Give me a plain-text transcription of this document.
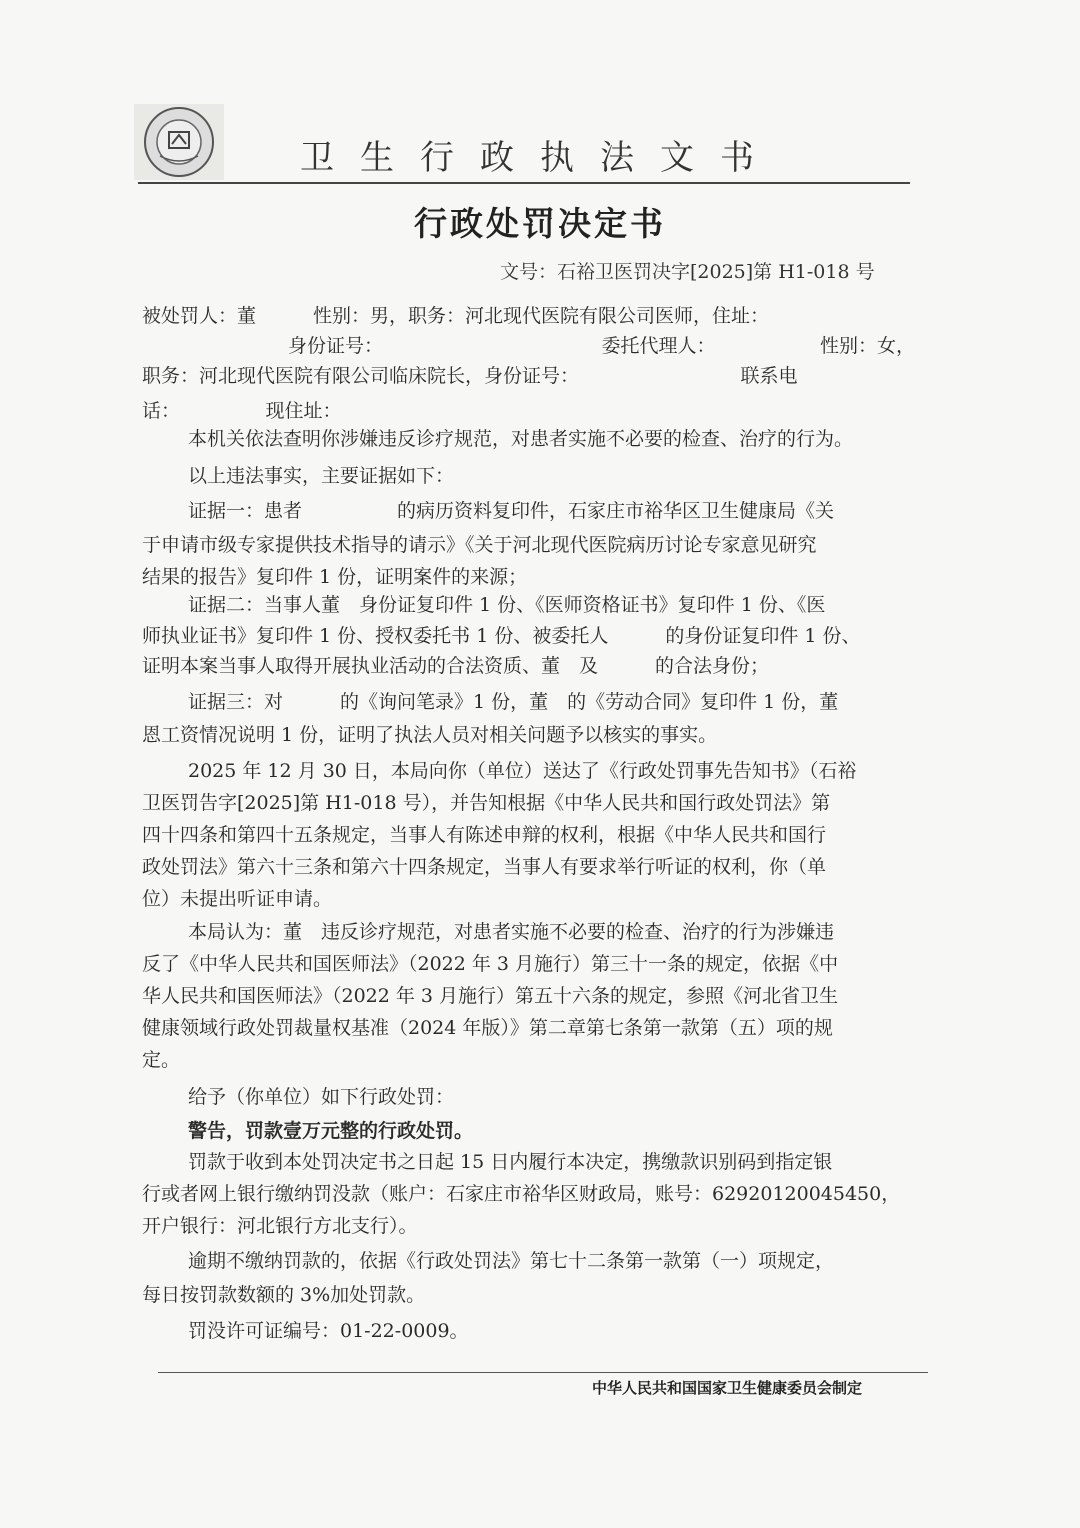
卫生行政执法文书
行政处罚决定书
文号：石裕卫医罚决字[2025]第 H1-018 号
被处罚人：董　　　性别：男，职务：河北现代医院有限公司医师，住址：
身份证号：　　　　　　　　　　　　委托代理人：　　　　　　性别：女，
职务：河北现代医院有限公司临床院长，身份证号：　　　　　　　　　联系电
话：　　　　　现住址：
本机关依法查明你涉嫌违反诊疗规范，对患者实施不必要的检查、治疗的行为。
以上违法事实，主要证据如下：
证据一：患者　　　　　的病历资料复印件，石家庄市裕华区卫生健康局《关
于申请市级专家提供技术指导的请示》《关于河北现代医院病历讨论专家意见研究
结果的报告》复印件 1 份，证明案件的来源；
证据二：当事人董　身份证复印件 1 份、《医师资格证书》复印件 1 份、《医
师执业证书》复印件 1 份、授权委托书 1 份、被委托人　　　的身份证复印件 1 份、
证明本案当事人取得开展执业活动的合法资质、董　及　　　的合法身份；
证据三：对　　　的《询问笔录》1 份，董　的《劳动合同》复印件 1 份，董
恩工资情况说明 1 份，证明了执法人员对相关问题予以核实的事实。
2025 年 12 月 30 日，本局向你（单位）送达了《行政处罚事先告知书》（石裕
卫医罚告字[2025]第 H1-018 号），并告知根据《中华人民共和国行政处罚法》第
四十四条和第四十五条规定，当事人有陈述申辩的权利，根据《中华人民共和国行
政处罚法》第六十三条和第六十四条规定，当事人有要求举行听证的权利，你（单
位）未提出听证申请。
本局认为：董　违反诊疗规范，对患者实施不必要的检查、治疗的行为涉嫌违
反了《中华人民共和国医师法》（2022 年 3 月施行）第三十一条的规定，依据《中
华人民共和国医师法》（2022 年 3 月施行）第五十六条的规定，参照《河北省卫生
健康领域行政处罚裁量权基准（2024 年版）》第二章第七条第一款第（五）项的规
定。
给予（你单位）如下行政处罚：
警告，罚款壹万元整的行政处罚。
罚款于收到本处罚决定书之日起 15 日内履行本决定，携缴款识别码到指定银
行或者网上银行缴纳罚没款（账户：石家庄市裕华区财政局，账号：62920120045450，
开户银行：河北银行方北支行）。
逾期不缴纳罚款的，依据《行政处罚法》第七十二条第一款第（一）项规定，
每日按罚款数额的 3%加处罚款。
罚没许可证编号：01-22-0009。
中华人民共和国国家卫生健康委员会制定
